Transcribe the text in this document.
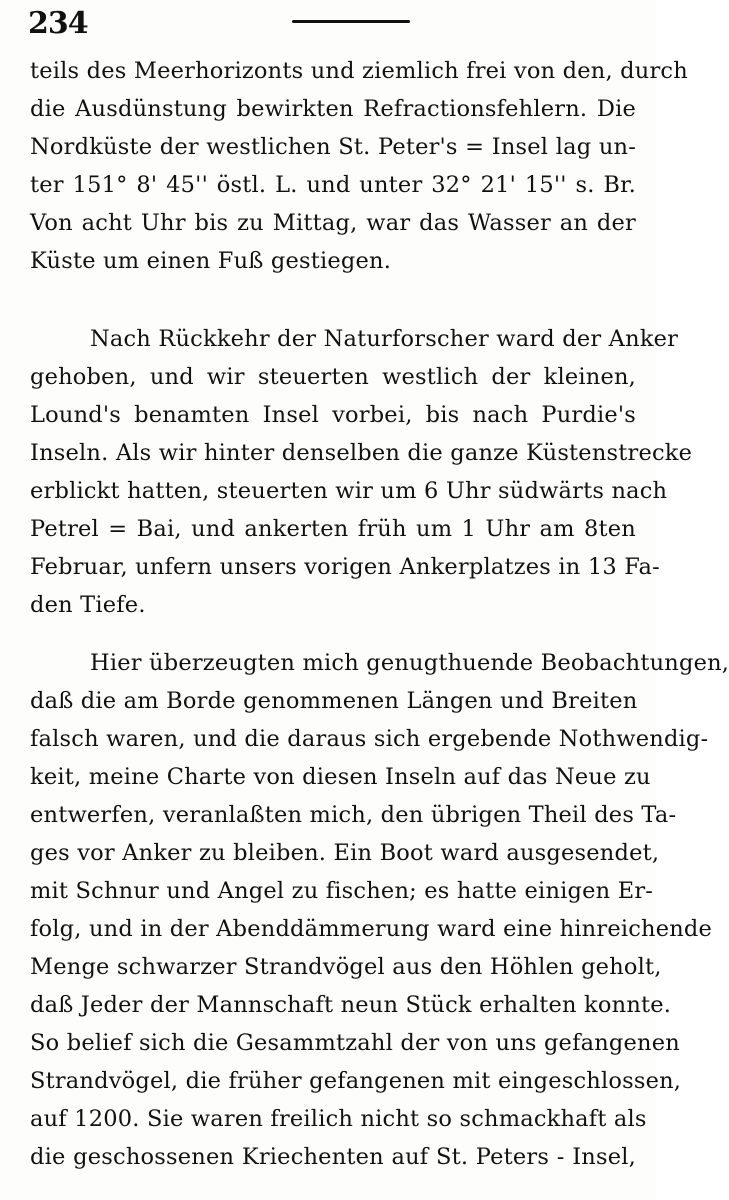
234
teils des Meerhorizonts und ziemlich frei von den, durch
die Ausdünstung bewirkten Refractionsfehlern. Die
Nordküste der westlichen St. Peter's = Insel lag un-
ter 151° 8' 45'' östl. L. und unter 32° 21' 15'' s. Br.
Von acht Uhr bis zu Mittag, war das Wasser an der
Küste um einen Fuß gestiegen.
Nach Rückkehr der Naturforscher ward der Anker
gehoben, und wir steuerten westlich der kleinen,
Lound's benamten Insel vorbei, bis nach Purdie's
Inseln. Als wir hinter denselben die ganze Küstenstrecke
erblickt hatten, steuerten wir um 6 Uhr südwärts nach
Petrel = Bai, und ankerten früh um 1 Uhr am 8ten
Februar, unfern unsers vorigen Ankerplatzes in 13 Fa-
den Tiefe.
Hier überzeugten mich genugthuende Beobachtungen,
daß die am Borde genommenen Längen und Breiten
falsch waren, und die daraus sich ergebende Nothwendig-
keit, meine Charte von diesen Inseln auf das Neue zu
entwerfen, veranlaßten mich, den übrigen Theil des Ta-
ges vor Anker zu bleiben. Ein Boot ward ausgesendet,
mit Schnur und Angel zu fischen; es hatte einigen Er-
folg, und in der Abenddämmerung ward eine hinreichende
Menge schwarzer Strandvögel aus den Höhlen geholt,
daß Jeder der Mannschaft neun Stück erhalten konnte.
So belief sich die Gesammtzahl der von uns gefangenen
Strandvögel, die früher gefangenen mit eingeschlossen,
auf 1200. Sie waren freilich nicht so schmackhaft als
die geschossenen Kriechenten auf St. Peters - Insel,
